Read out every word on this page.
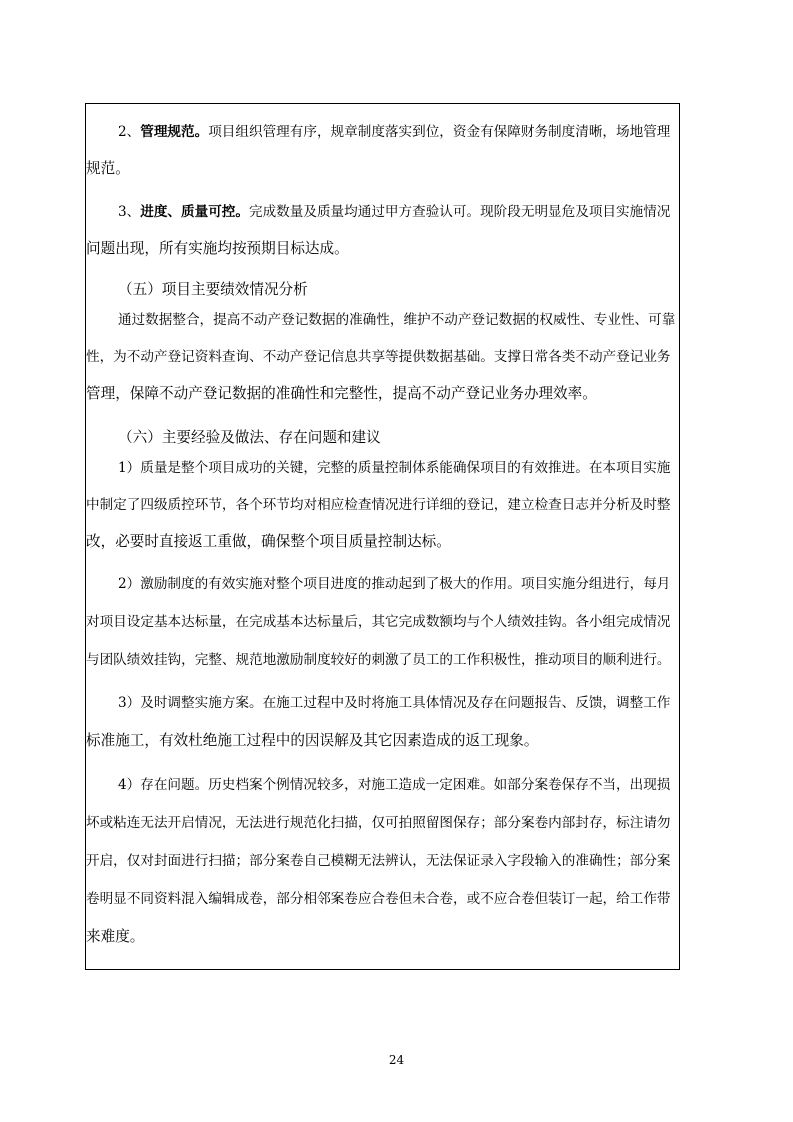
2、管理规范。项目组织管理有序，规章制度落实到位，资金有保障财务制度清晰，场地管理
规范。
3、进度、质量可控。完成数量及质量均通过甲方查验认可。现阶段无明显危及项目实施情况
问题出现，所有实施均按预期目标达成。
（五）项目主要绩效情况分析
通过数据整合，提高不动产登记数据的准确性，维护不动产登记数据的权威性、专业性、可靠
性，为不动产登记资料查询、不动产登记信息共享等提供数据基础。支撑日常各类不动产登记业务
管理，保障不动产登记数据的准确性和完整性，提高不动产登记业务办理效率。
（六）主要经验及做法、存在问题和建议
1）质量是整个项目成功的关键，完整的质量控制体系能确保项目的有效推进。在本项目实施
中制定了四级质控环节，各个环节均对相应检查情况进行详细的登记，建立检查日志并分析及时整
改，必要时直接返工重做，确保整个项目质量控制达标。
2）激励制度的有效实施对整个项目进度的推动起到了极大的作用。项目实施分组进行，每月
对项目设定基本达标量，在完成基本达标量后，其它完成数额均与个人绩效挂钩。各小组完成情况
与团队绩效挂钩，完整、规范地激励制度较好的刺激了员工的工作积极性，推动项目的顺利进行。
3）及时调整实施方案。在施工过程中及时将施工具体情况及存在问题报告、反馈，调整工作
标准施工，有效杜绝施工过程中的因误解及其它因素造成的返工现象。
4）存在问题。历史档案个例情况较多，对施工造成一定困难。如部分案卷保存不当，出现损
坏或粘连无法开启情况，无法进行规范化扫描，仅可拍照留图保存；部分案卷内部封存，标注请勿
开启，仅对封面进行扫描；部分案卷自己模糊无法辨认，无法保证录入字段输入的准确性；部分案
卷明显不同资料混入编辑成卷，部分相邻案卷应合卷但未合卷，或不应合卷但装订一起，给工作带
来难度。
24
